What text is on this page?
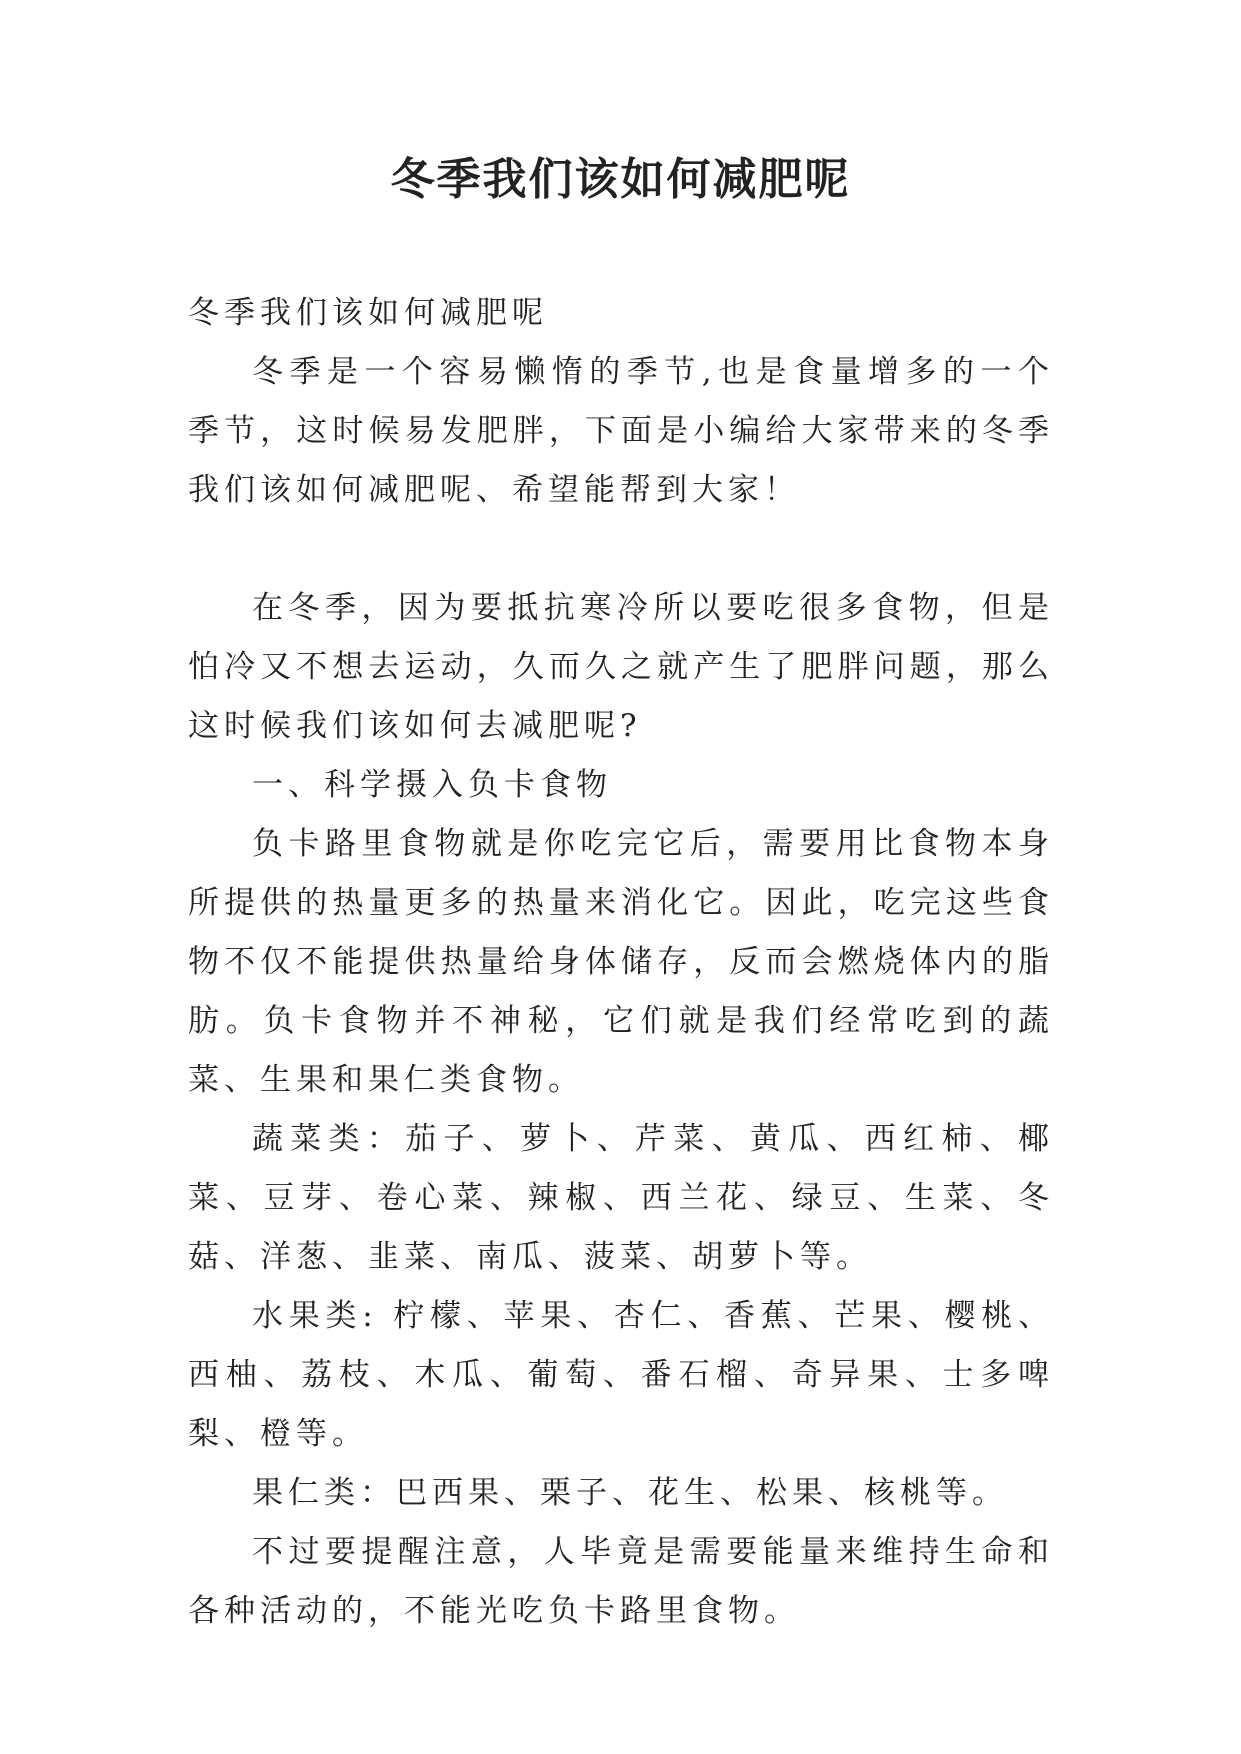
冬季我们该如何减肥呢

冬季我们该如何减肥呢

冬季是一个容易懒惰的季节,也是食量增多的一个季节，这时候易发肥胖，下面是小编给大家带来的冬季我们该如何减肥呢、希望能帮到大家！

在冬季，因为要抵抗寒冷所以要吃很多食物，但是怕冷又不想去运动，久而久之就产生了肥胖问题，那么这时候我们该如何去减肥呢?

一、科学摄入负卡食物

负卡路里食物就是你吃完它后，需要用比食物本身所提供的热量更多的热量来消化它。因此，吃完这些食物不仅不能提供热量给身体储存，反而会燃烧体内的脂肪。负卡食物并不神秘，它们就是我们经常吃到的蔬菜、生果和果仁类食物。

蔬菜类：茄子、萝卜、芹菜、黄瓜、西红柿、椰菜、豆芽、卷心菜、辣椒、西兰花、绿豆、生菜、冬菇、洋葱、韭菜、南瓜、菠菜、胡萝卜等。

水果类: 柠檬、苹果、杏仁、香蕉、芒果、樱桃、西柚、荔枝、木瓜、葡萄、番石榴、奇异果、士多啤梨、橙等。

果仁类：巴西果、栗子、花生、松果、核桃等。

不过要提醒注意，人毕竟是需要能量来维持生命和各种活动的，不能光吃负卡路里食物。
